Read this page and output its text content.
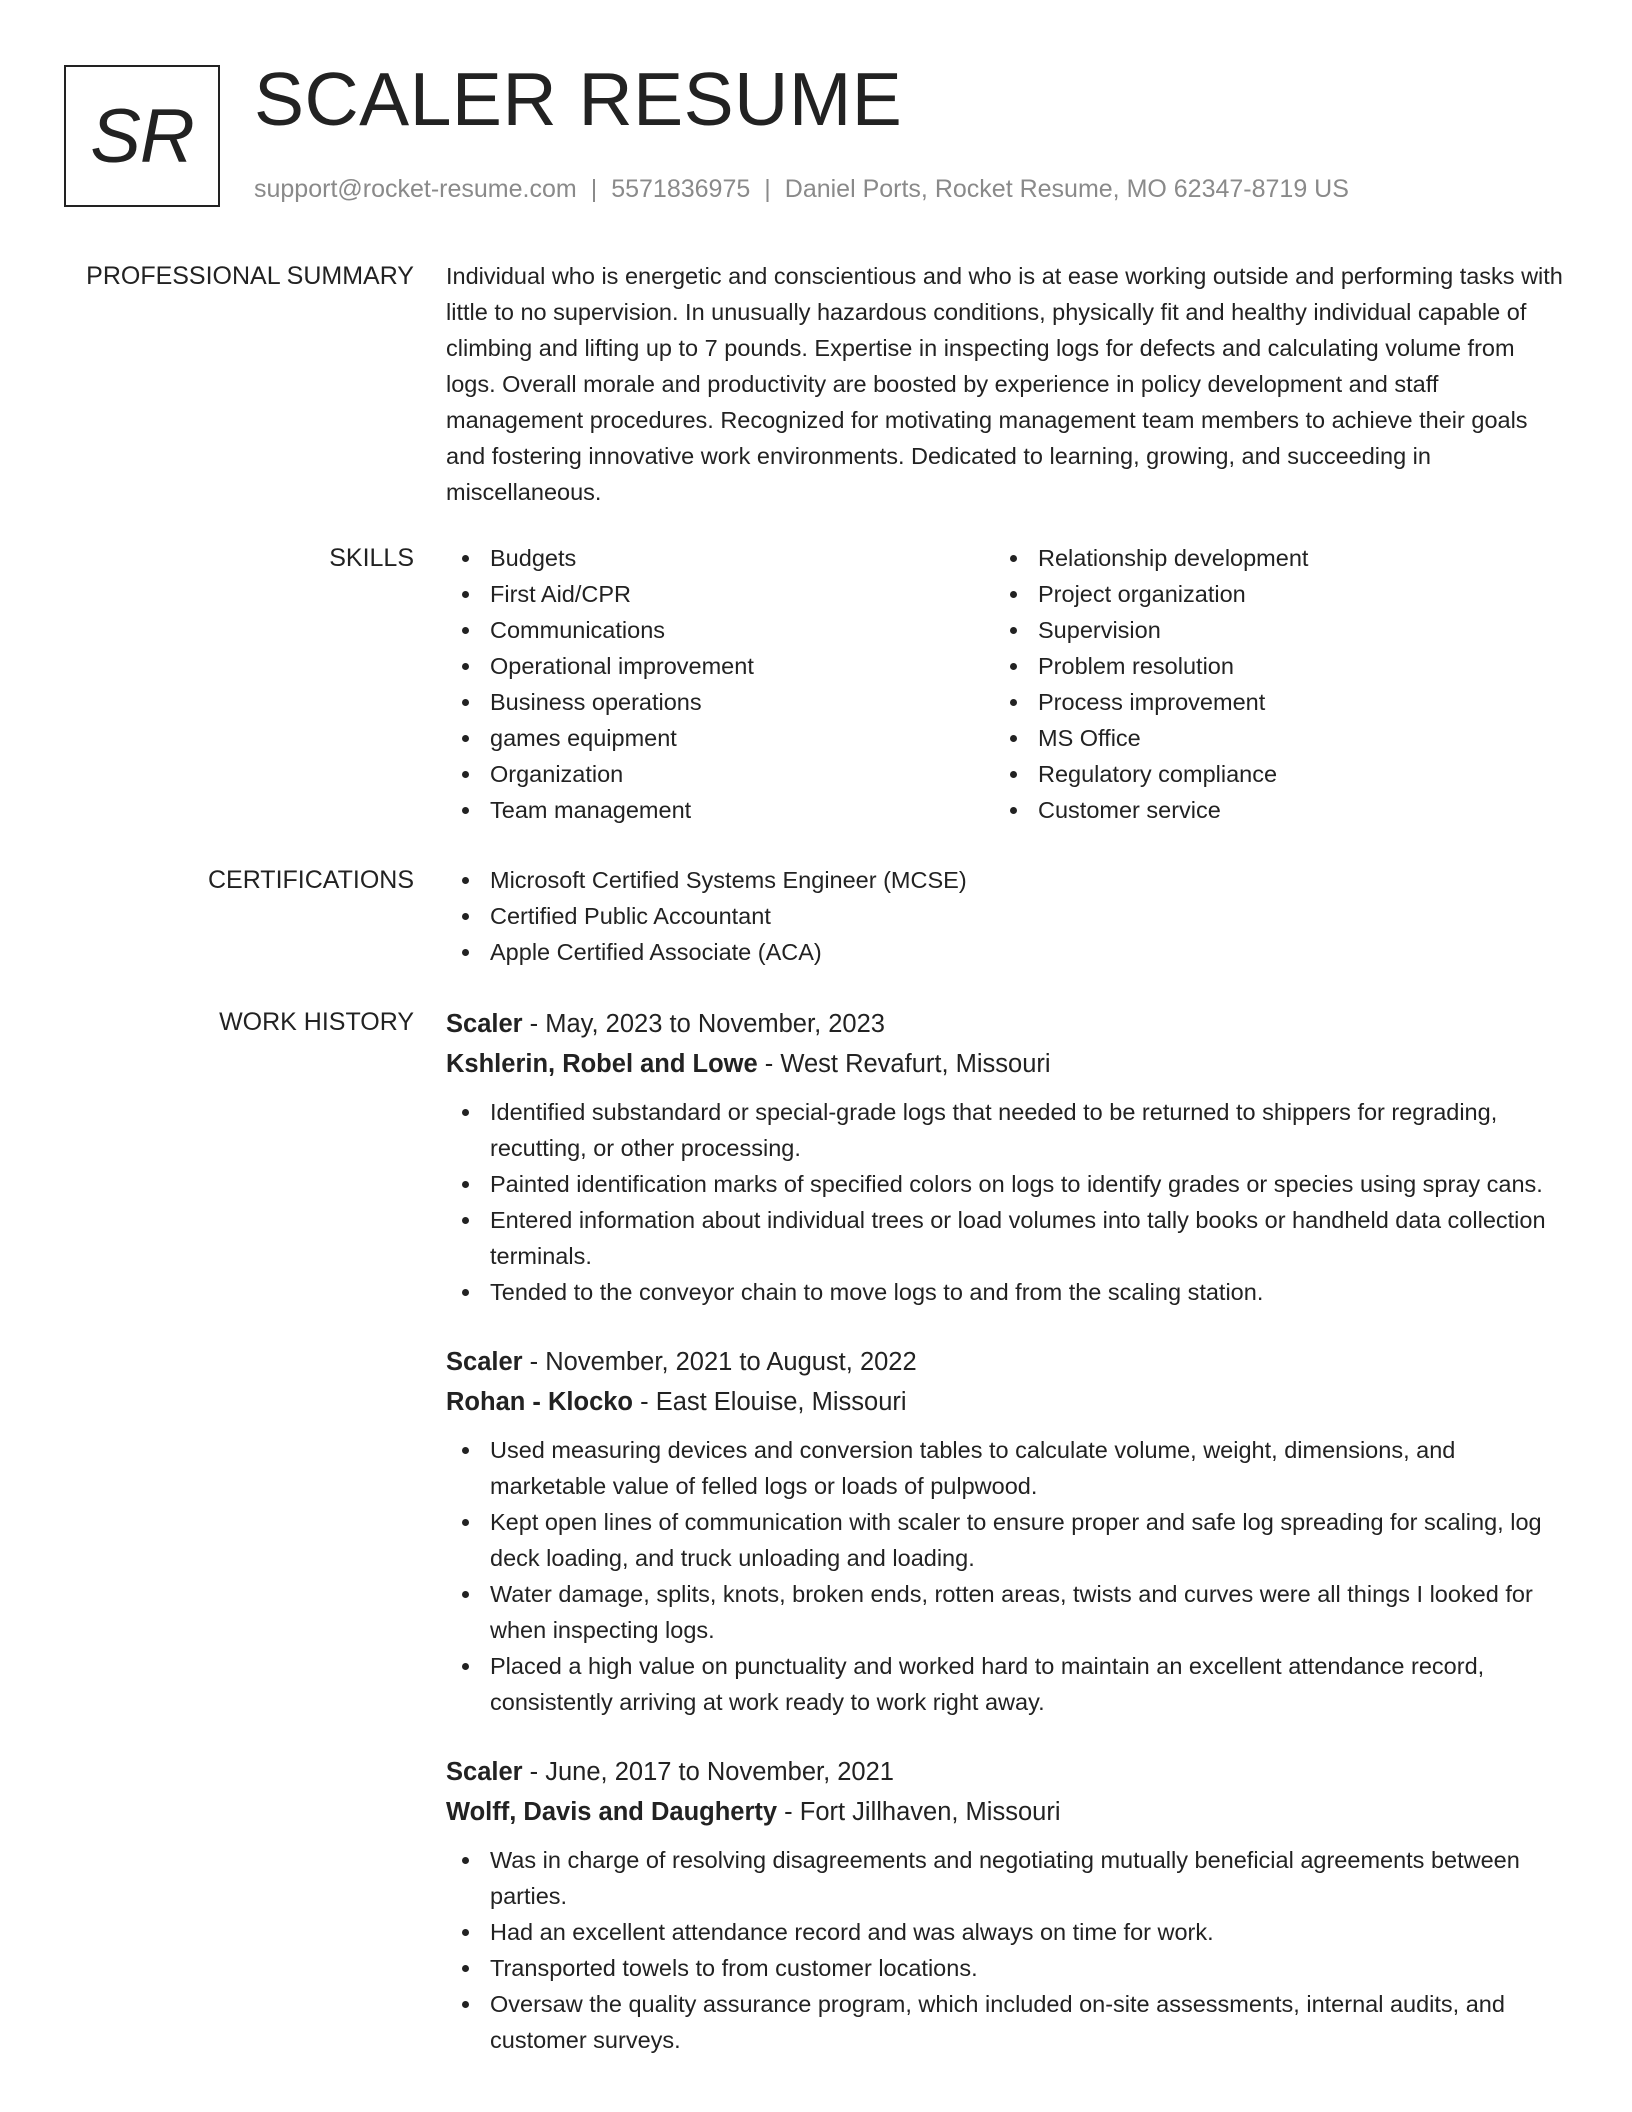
SR SCALER RESUME
support@rocket-resume.com | 5571836975 | Daniel Ports, Rocket Resume, MO 62347-8719 US
PROFESSIONAL SUMMARY Individual who is energetic and conscientious and who is at ease working outside and performing tasks with little to no supervision. In unusually hazardous conditions, physically fit and healthy individual capable of climbing and lifting up to 7 pounds. Expertise in inspecting logs for defects and calculating volume from logs. Overall morale and productivity are boosted by experience in policy development and staff management procedures. Recognized for motivating management team members to achieve their goals and fostering innovative work environments. Dedicated to learning, growing, and succeeding in miscellaneous.

SKILLS	Budgets
First Aid/CPR
Communications
Operational improvement
Business operations
games equipment
Organization
Team management
Relationship development
Project organization
Supervision
Problem resolution
Process improvement
MS Office
Regulatory compliance
Customer service
CERTIFICATIONS	Microsoft Certified Systems Engineer (MCSE)
Certified Public Accountant
Apple Certified Associate (ACA)
WORK HISTORY Scaler - May, 2023 to November, 2023
Kshlerin, Robel and Lowe - West Revafurt, Missouri
Identified substandard or special-grade logs that needed to be returned to shippers for regrading, recutting, or other processing.
Painted identification marks of specified colors on logs to identify grades or species using spray cans.
Entered information about individual trees or load volumes into tally books or handheld data collection terminals.
Tended to the conveyor chain to move logs to and from the scaling station.
Scaler - November, 2021 to August, 2022
Rohan - Klocko - East Elouise, Missouri
Used measuring devices and conversion tables to calculate volume, weight, dimensions, and marketable value of felled logs or loads of pulpwood.
Kept open lines of communication with scaler to ensure proper and safe log spreading for scaling, log deck loading, and truck unloading and loading.
Water damage, splits, knots, broken ends, rotten areas, twists and curves were all things I looked for when inspecting logs.
Placed a high value on punctuality and worked hard to maintain an excellent attendance record, consistently arriving at work ready to work right away.
Scaler - June, 2017 to November, 2021
Wolff, Davis and Daugherty - Fort Jillhaven, Missouri
Was in charge of resolving disagreements and negotiating mutually beneficial agreements between parties.
Had an excellent attendance record and was always on time for work.
Transported towels to from customer locations.
Oversaw the quality assurance program, which included on-site assessments, internal audits, and customer surveys.
